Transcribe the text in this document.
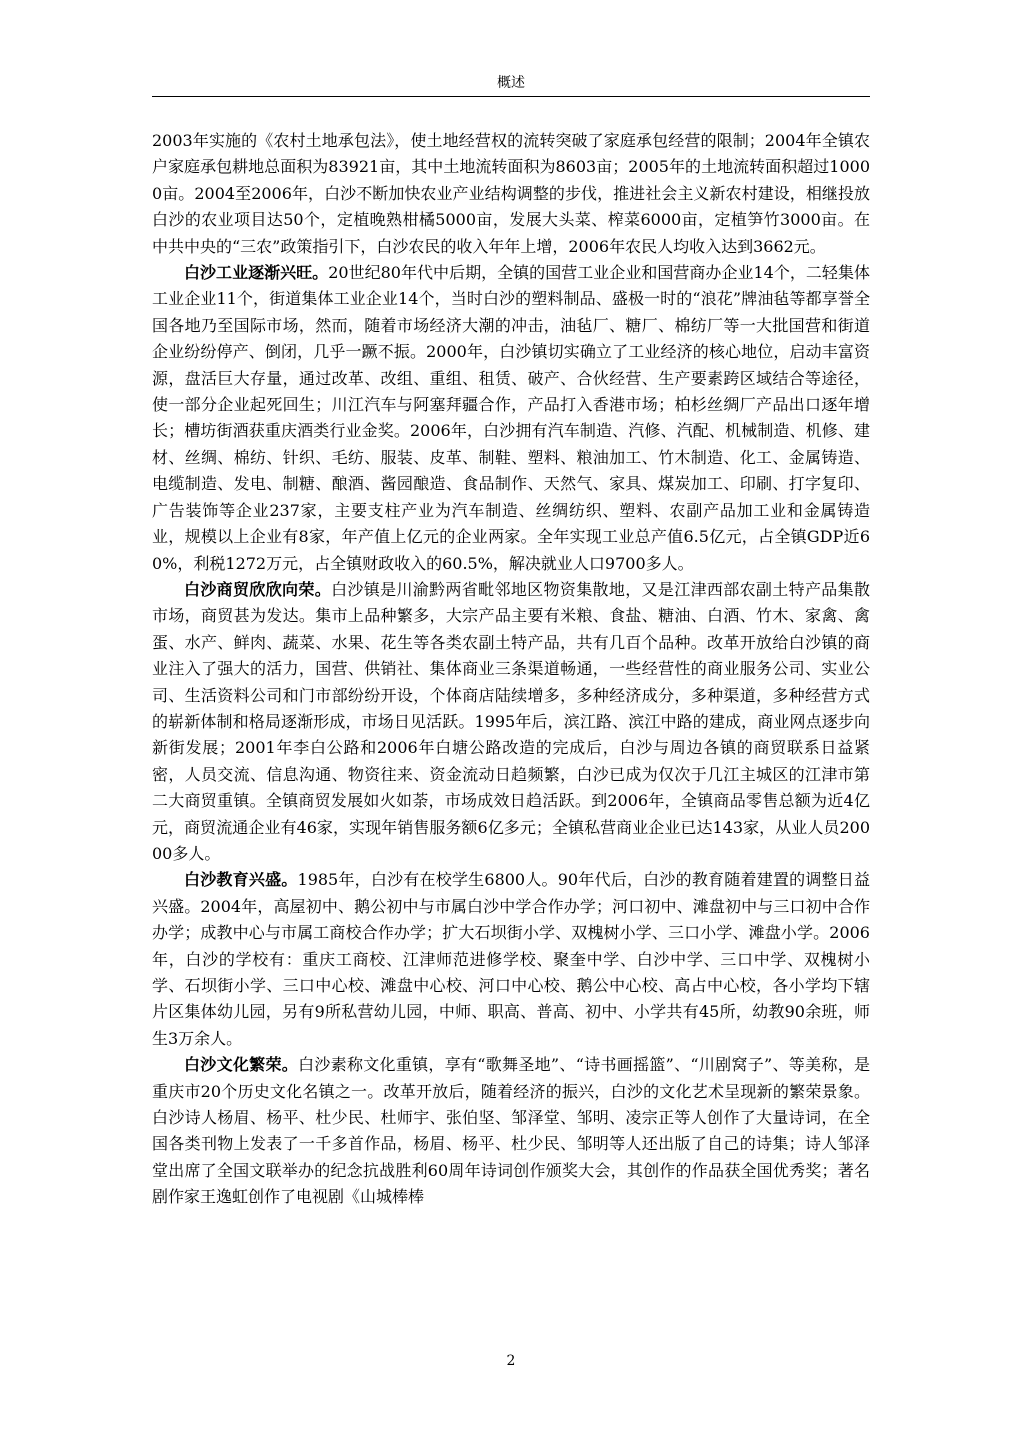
概述

2003年实施的《农村土地承包法》，使土地经营权的流转突破了家庭承包经营的限制；2004年全镇农户家庭承包耕地总面积为83921亩，其中土地流转面积为8603亩；2005年的土地流转面积超过10000亩。2004至2006年，白沙不断加快农业产业结构调整的步伐，推进社会主义新农村建设，相继投放白沙的农业项目达50个，定植晚熟柑橘5000亩，发展大头菜、榨菜6000亩，定植笋竹3000亩。在中共中央的“三农”政策指引下，白沙农民的收入年年上增，2006年农民人均收入达到3662元。

白沙工业逐渐兴旺。20世纪80年代中后期，全镇的国营工业企业和国营商办企业14个，二轻集体工业企业11个，街道集体工业企业14个，当时白沙的塑料制品、盛极一时的“浪花”牌油毡等都享誉全国各地乃至国际市场，然而，随着市场经济大潮的冲击，油毡厂、糖厂、棉纺厂等一大批国营和街道企业纷纷停产、倒闭，几乎一蹶不振。2000年，白沙镇切实确立了工业经济的核心地位，启动丰富资源，盘活巨大存量，通过改革、改组、重组、租赁、破产、合伙经营、生产要素跨区域结合等途径，使一部分企业起死回生；川江汽车与阿塞拜疆合作，产品打入香港市场；柏杉丝绸厂产品出口逐年增长；槽坊街酒获重庆酒类行业金奖。2006年，白沙拥有汽车制造、汽修、汽配、机械制造、机修、建材、丝绸、棉纺、针织、毛纺、服装、皮革、制鞋、塑料、粮油加工、竹木制造、化工、金属铸造、电缆制造、发电、制糖、酿酒、酱园酿造、食品制作、天然气、家具、煤炭加工、印刷、打字复印、广告装饰等企业237家，主要支柱产业为汽车制造、丝绸纺织、塑料、农副产品加工业和金属铸造业，规模以上企业有8家，年产值上亿元的企业两家。全年实现工业总产值6.5亿元，占全镇GDP近60%，利税1272万元，占全镇财政收入的60.5%，解决就业人口9700多人。

白沙商贸欣欣向荣。白沙镇是川渝黔两省毗邻地区物资集散地，又是江津西部农副土特产品集散市场，商贸甚为发达。集市上品种繁多，大宗产品主要有米粮、食盐、糖油、白酒、竹木、家禽、禽蛋、水产、鲜肉、蔬菜、水果、花生等各类农副土特产品，共有几百个品种。改革开放给白沙镇的商业注入了强大的活力，国营、供销社、集体商业三条渠道畅通，一些经营性的商业服务公司、实业公司、生活资料公司和门市部纷纷开设，个体商店陆续增多，多种经济成分，多种渠道，多种经营方式的崭新体制和格局逐渐形成，市场日见活跃。1995年后，滨江路、滨江中路的建成，商业网点逐步向新街发展；2001年李白公路和2006年白塘公路改造的完成后，白沙与周边各镇的商贸联系日益紧密，人员交流、信息沟通、物资往来、资金流动日趋频繁，白沙已成为仅次于几江主城区的江津市第二大商贸重镇。全镇商贸发展如火如荼，市场成效日趋活跃。到2006年，全镇商品零售总额为近4亿元，商贸流通企业有46家，实现年销售服务额6亿多元；全镇私营商业企业已达143家，从业人员20000多人。

白沙教育兴盛。1985年，白沙有在校学生6800人。90年代后，白沙的教育随着建置的调整日益兴盛。2004年，高屋初中、鹅公初中与市属白沙中学合作办学；河口初中、滩盘初中与三口初中合作办学；成教中心与市属工商校合作办学；扩大石坝街小学、双槐树小学、三口小学、滩盘小学。2006年，白沙的学校有：重庆工商校、江津师范进修学校、聚奎中学、白沙中学、三口中学、双槐树小学、石坝街小学、三口中心校、滩盘中心校、河口中心校、鹅公中心校、高占中心校，各小学均下辖片区集体幼儿园，另有9所私营幼儿园，中师、职高、普高、初中、小学共有45所，幼教90余班，师生3万余人。

白沙文化繁荣。白沙素称文化重镇，享有“歌舞圣地”、“诗书画摇篮”、“川剧窝子”、等美称，是重庆市20个历史文化名镇之一。改革开放后，随着经济的振兴，白沙的文化艺术呈现新的繁荣景象。白沙诗人杨眉、杨平、杜少民、杜师宇、张伯坚、邹泽堂、邹明、凌宗正等人创作了大量诗词，在全国各类刊物上发表了一千多首作品，杨眉、杨平、杜少民、邹明等人还出版了自己的诗集；诗人邹泽堂出席了全国文联举办的纪念抗战胜利60周年诗词创作颁奖大会，其创作的作品获全国优秀奖；著名剧作家王逸虹创作了电视剧《山城棒棒

2
